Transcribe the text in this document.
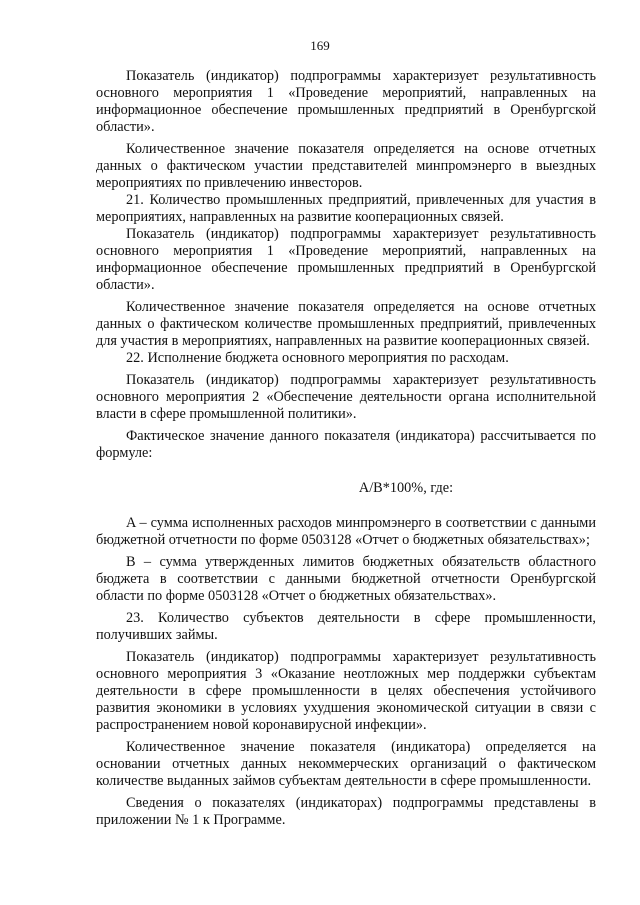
169

Показатель (индикатор) подпрограммы характеризует результативность основного мероприятия 1 «Проведение мероприятий, направленных на информационное обеспечение промышленных предприятий в Оренбургской области».

Количественное значение показателя определяется на основе отчетных данных о фактическом участии представителей минпромэнерго в выездных мероприятиях по привлечению инвесторов.

21. Количество промышленных предприятий, привлеченных для участия в мероприятиях, направленных на развитие кооперационных связей.

Показатель (индикатор) подпрограммы характеризует результативность основного мероприятия 1 «Проведение мероприятий, направленных на информационное обеспечение промышленных предприятий в Оренбургской области».

Количественное значение показателя определяется на основе отчетных данных о фактическом количестве промышленных предприятий, привлеченных для участия в мероприятиях, направленных на развитие кооперационных связей.

22. Исполнение бюджета основного мероприятия по расходам.

Показатель (индикатор) подпрограммы характеризует результативность основного мероприятия 2 «Обеспечение деятельности органа исполнительной власти в сфере промышленной политики».

Фактическое значение данного показателя (индикатора) рассчитывается по формуле:

A/B*100%, где:

A – сумма исполненных расходов минпромэнерго в соответствии с данными бюджетной отчетности по форме 0503128 «Отчет о бюджетных обязательствах»;

B – сумма утвержденных лимитов бюджетных обязательств областного бюджета в соответствии с данными бюджетной отчетности Оренбургской области по форме 0503128 «Отчет о бюджетных обязательствах».

23. Количество субъектов деятельности в сфере промышленности, получивших займы.

Показатель (индикатор) подпрограммы характеризует результативность основного мероприятия 3 «Оказание неотложных мер поддержки субъектам деятельности в сфере промышленности в целях обеспечения устойчивого развития экономики в условиях ухудшения экономической ситуации в связи с распространением новой коронавирусной инфекции».

Количественное значение показателя (индикатора) определяется на основании отчетных данных некоммерческих организаций о фактическом количестве выданных займов субъектам деятельности в сфере промышленности.

Сведения о показателях (индикаторах) подпрограммы представлены в приложении № 1 к Программе.
